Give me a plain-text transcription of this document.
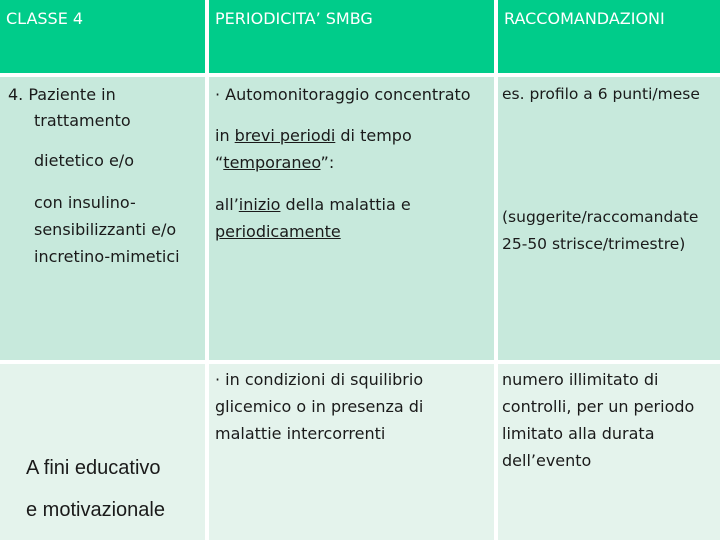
CLASSE 4	PERIODICITA’ SMBG	RACCOMANDAZIONI
4. Paziente in
trattamento
dietetico e/o
con insulino-
sensibilizzanti e/o
incretino-mimetici
· Automonitoraggio concentrato
in brevi periodi di tempo
“temporaneo”:
all’inizio della malattia e
periodicamente
es. profilo a 6 punti/mese
(suggerite/raccomandate
25-50 strisce/trimestre)
A fini educativo
e motivazionale
· in condizioni di squilibrio
glicemico o in presenza di
malattie intercorrenti
numero illimitato di
controlli, per un periodo
limitato alla durata
dell’evento
